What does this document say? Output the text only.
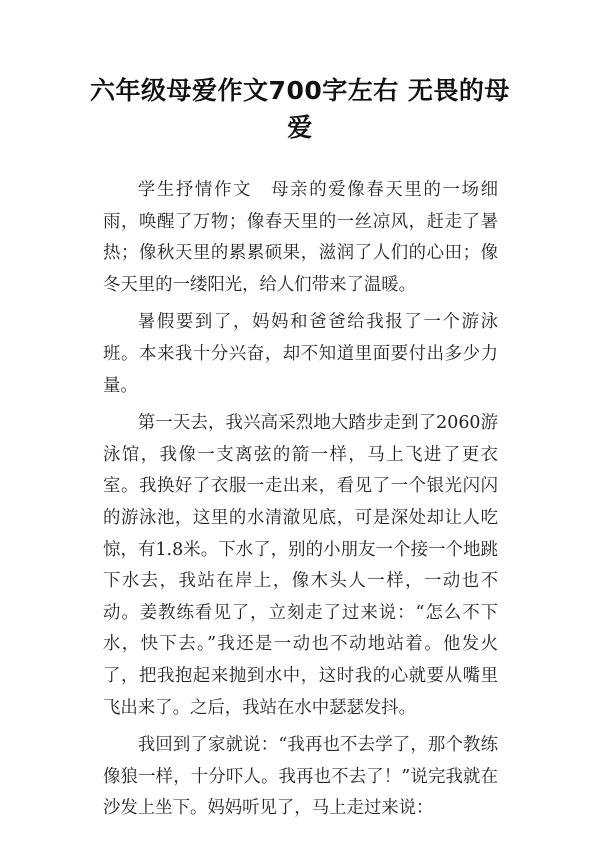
六年级母爱作文700字左右 无畏的母爱

学生抒情作文　母亲的爱像春天里的一场细雨，唤醒了万物；像春天里的一丝凉风，赶走了暑热；像秋天里的累累硕果，滋润了人们的心田；像冬天里的一缕阳光，给人们带来了温暖。

暑假要到了，妈妈和爸爸给我报了一个游泳班。本来我十分兴奋，却不知道里面要付出多少力量。

第一天去，我兴高采烈地大踏步走到了2060游泳馆，我像一支离弦的箭一样，马上飞进了更衣室。我换好了衣服一走出来，看见了一个银光闪闪的游泳池，这里的水清澈见底，可是深处却让人吃惊，有1.8米。下水了，别的小朋友一个接一个地跳下水去，我站在岸上，像木头人一样，一动也不动。姜教练看见了，立刻走了过来说：“怎么不下水，快下去。”我还是一动也不动地站着。他发火了，把我抱起来抛到水中，这时我的心就要从嘴里飞出来了。之后，我站在水中瑟瑟发抖。

我回到了家就说：“我再也不去学了，那个教练像狼一样，十分吓人。我再也不去了！”说完我就在沙发上坐下。妈妈听见了，马上走过来说：
